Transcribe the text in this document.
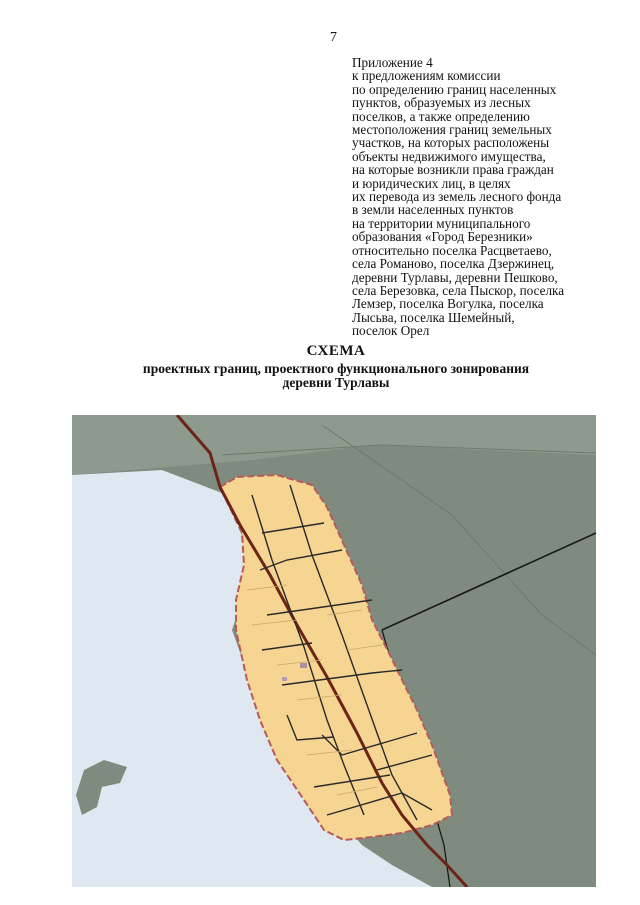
7
Приложение 4
к предложениям комиссии
по определению границ населенных
пунктов, образуемых из лесных
поселков, а также определению
местоположения границ земельных
участков, на которых расположены
объекты недвижимого имущества,
на которые возникли права граждан
и юридических лиц, в целях
их перевода из земель лесного фонда
в земли населенных пунктов
на территории муниципального
образования «Город Березники»
относительно поселка Расцветаево,
села Романово, поселка Дзержинец,
деревни Турлавы, деревни Пешково,
села Березовка, села Пыскор, поселка
Лемзер, поселка Вогулка, поселка
Лысьва, поселка Шемейный,
поселок Орел
СХЕМА
проектных границ, проектного функционального зонирования
деревни Турлавы
